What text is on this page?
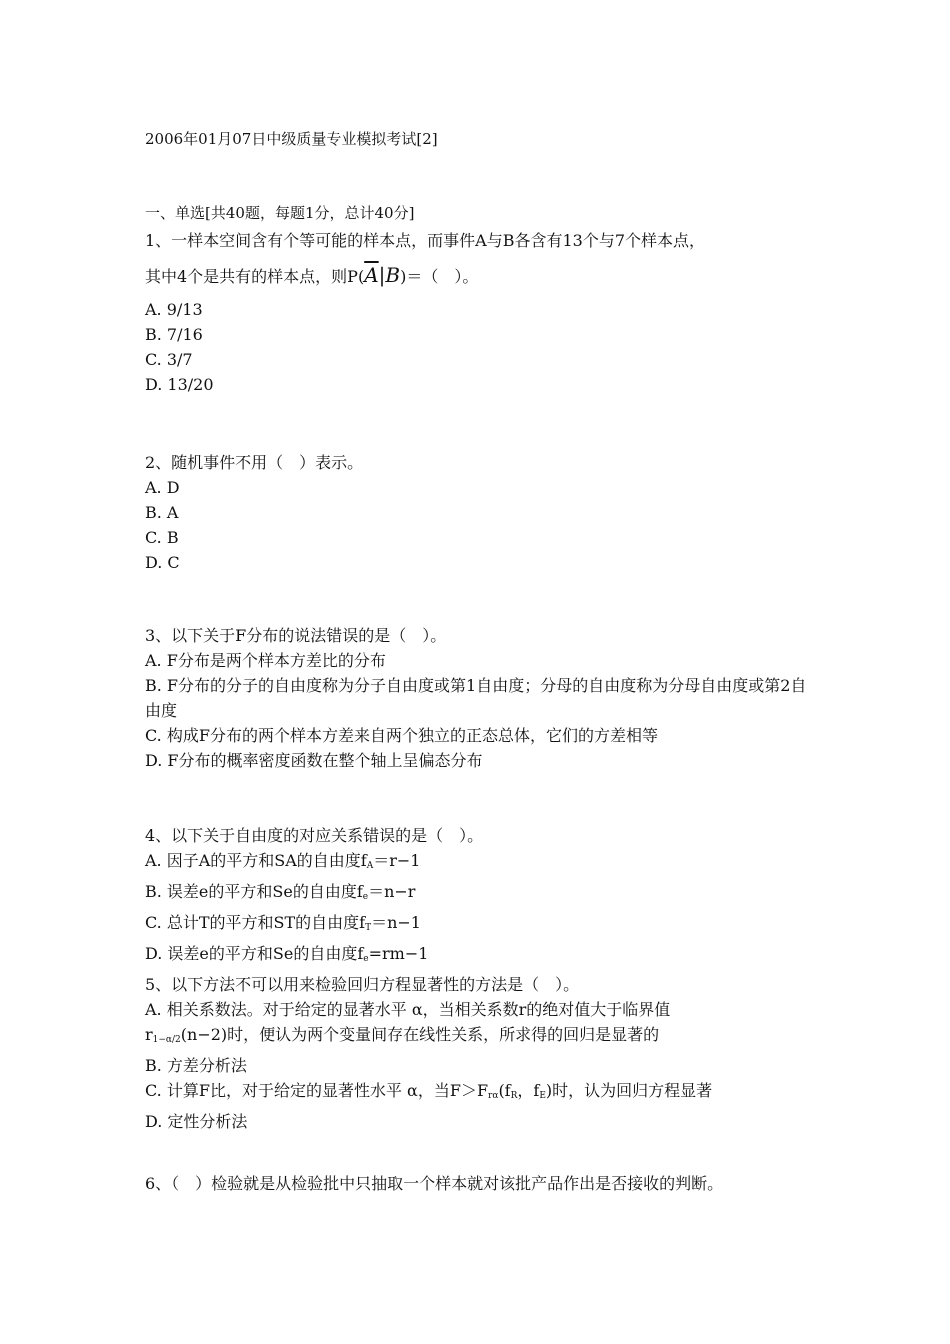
2006年01月07日中级质量专业模拟考试[2]
一、单选[共40题，每题1分，总计40分]
1、一样本空间含有个等可能的样本点，而事件A与B各含有13个与7个样本点，
其中4个是共有的样本点，则$P(\overline{A}|B)=$（　）。
A. 9/13
B. 7/16
C. 3/7
D. 13/20
2、随机事件不用（　）表示。
A. D
B. A
C. B
D. C
3、以下关于F分布的说法错误的是（　）。
A. F分布是两个样本方差比的分布
B. F分布的分子的自由度称为分子自由度或第1自由度；分母的自由度称为分母自由度或第2自由度
C. 构成F分布的两个样本方差来自两个独立的正态总体，它们的方差相等
D. F分布的概率密度函数在整个轴上呈偏态分布
4、以下关于自由度的对应关系错误的是（　）。
A. 因子A的平方和SA的自由度$f_A=r-1$
B. 误差e的平方和Se的自由度$f_e=n-r$
C. 总计T的平方和ST的自由度$f_T=n-1$
D. 误差e的平方和Se的自由度$f_e=rm-1$
5、以下方法不可以用来检验回归方程显著性的方法是（　）。
A. 相关系数法。对于给定的显著水平 α，当相关系数r的绝对值大于临界值
$r_{1-\alpha/2}(n-2)$时，便认为两个变量间存在线性关系，所求得的回归是显著的
B. 方差分析法
C. 计算F比，对于给定的显著性水平 α，当$F>F_{r\alpha}(f_R$，$f_E$)时，认为回归方程显著
D. 定性分析法
6、（　）检验就是从检验批中只抽取一个样本就对该批产品作出是否接收的判断。
